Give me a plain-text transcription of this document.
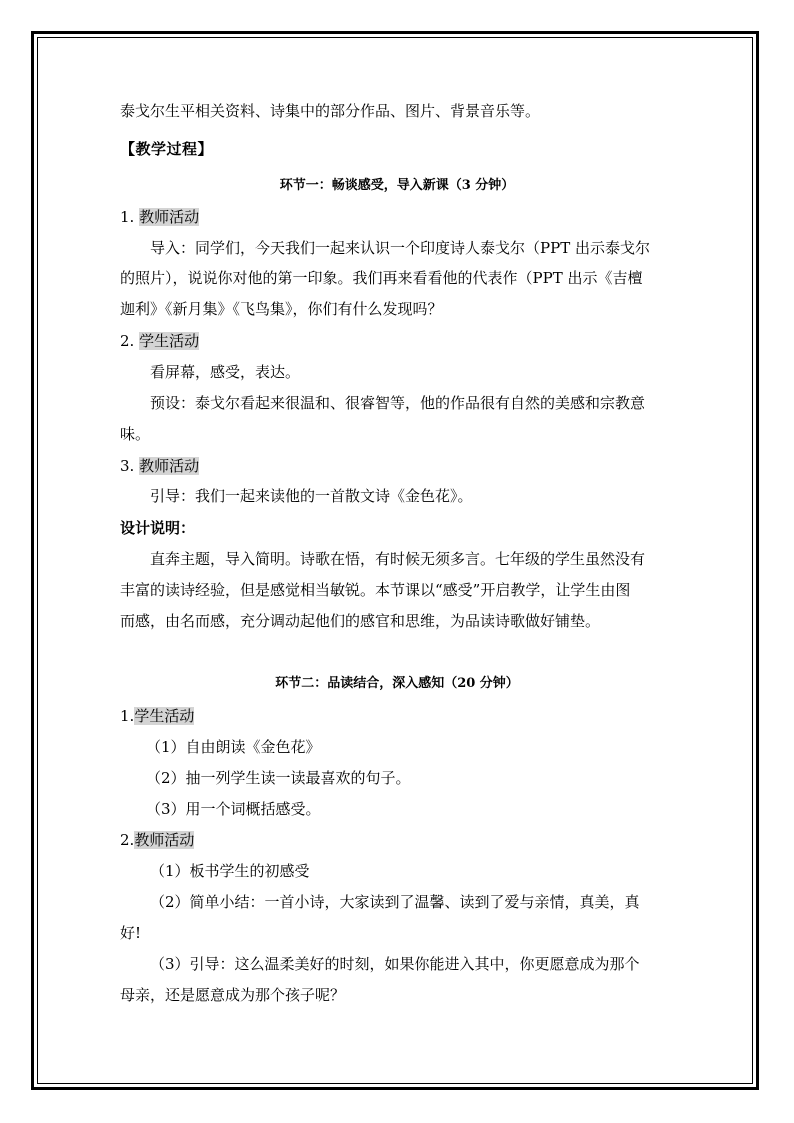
泰戈尔生平相关资料、诗集中的部分作品、图片、背景音乐等。
【教学过程】
环节一：畅谈感受，导入新课（3 分钟）
1. 教师活动
导入：同学们，今天我们一起来认识一个印度诗人泰戈尔（PPT 出示泰戈尔
的照片），说说你对他的第一印象。我们再来看看他的代表作（PPT 出示《吉檀
迦利》《新月集》《飞鸟集》，你们有什么发现吗？
2. 学生活动
看屏幕，感受，表达。
预设：泰戈尔看起来很温和、很睿智等，他的作品很有自然的美感和宗教意
味。
3. 教师活动
引导：我们一起来读他的一首散文诗《金色花》。
设计说明：
直奔主题，导入简明。诗歌在悟，有时候无须多言。七年级的学生虽然没有
丰富的读诗经验，但是感觉相当敏锐。本节课以“感受”开启教学，让学生由图
而感，由名而感，充分调动起他们的感官和思维，为品读诗歌做好铺垫。
环节二：品读结合，深入感知（20 分钟）
1.学生活动
（1）自由朗读《金色花》
（2）抽一列学生读一读最喜欢的句子。
（3）用一个词概括感受。
2.教师活动
（1）板书学生的初感受
（2）简单小结：一首小诗，大家读到了温馨、读到了爱与亲情，真美，真
好!
（3）引导：这么温柔美好的时刻，如果你能进入其中，你更愿意成为那个
母亲，还是愿意成为那个孩子呢？
